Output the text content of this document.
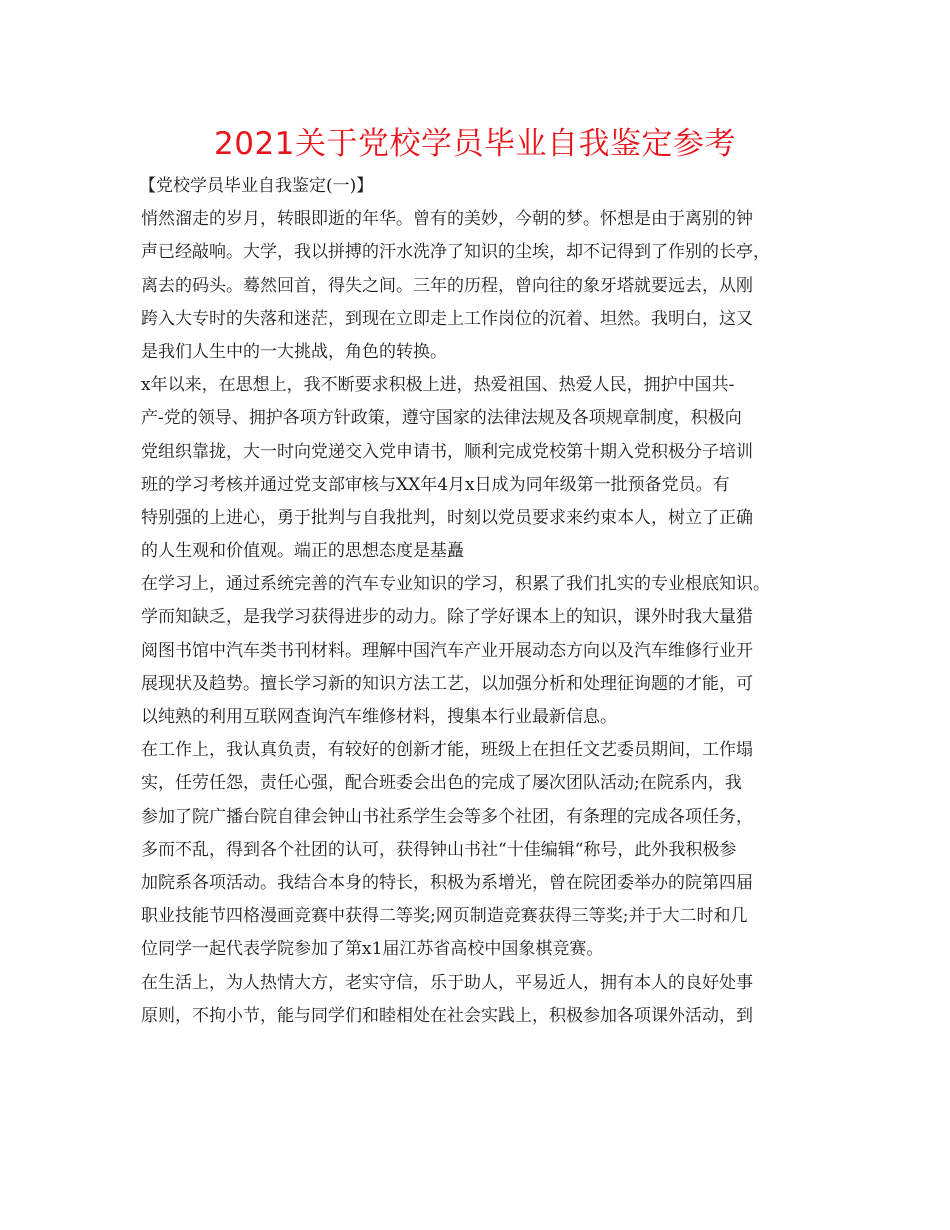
2021关于党校学员毕业自我鉴定参考
【党校学员毕业自我鉴定(一)】
悄然溜走的岁月，转眼即逝的年华。曾有的美妙，今朝的梦。怀想是由于离别的钟
声已经敲响。大学，我以拼搏的汗水洗净了知识的尘埃，却不记得到了作别的长亭，
离去的码头。蓦然回首，得失之间。三年的历程，曾向往的象牙塔就要远去，从刚
跨入大专时的失落和迷茫，到现在立即走上工作岗位的沉着、坦然。我明白，这又
是我们人生中的一大挑战，角色的转换。
x年以来，在思想上，我不断要求积极上进，热爱祖国、热爱人民，拥护中国共-
产-党的领导、拥护各项方针政策，遵守国家的法律法规及各项规章制度，积极向
党组织靠拢，大一时向党递交入党申请书，顺利完成党校第十期入党积极分子培训
班的学习考核并通过党支部审核与XX年4月x日成为同年级第一批预备党员。有
特别强的上进心，勇于批判与自我批判，时刻以党员要求来约束本人，树立了正确
的人生观和价值观。端正的思想态度是基矗
在学习上，通过系统完善的汽车专业知识的学习，积累了我们扎实的专业根底知识。
学而知缺乏，是我学习获得进步的动力。除了学好课本上的知识，课外时我大量猎
阅图书馆中汽车类书刊材料。理解中国汽车产业开展动态方向以及汽车维修行业开
展现状及趋势。擅长学习新的知识方法工艺，以加强分析和处理征询题的才能，可
以纯熟的利用互联网查询汽车维修材料，搜集本行业最新信息。
在工作上，我认真负责，有较好的创新才能，班级上在担任文艺委员期间，工作塌
实，任劳任怨，责任心强，配合班委会出色的完成了屡次团队活动;在院系内，我
参加了院广播台院自律会钟山书社系学生会等多个社团，有条理的完成各项任务，
多而不乱，得到各个社团的认可，获得钟山书社“十佳编辑“称号，此外我积极参
加院系各项活动。我结合本身的特长，积极为系增光，曾在院团委举办的院第四届
职业技能节四格漫画竞赛中获得二等奖;网页制造竞赛获得三等奖;并于大二时和几
位同学一起代表学院参加了第x1届江苏省高校中国象棋竞赛。
在生活上，为人热情大方，老实守信，乐于助人，平易近人，拥有本人的良好处事
原则，不拘小节，能与同学们和睦相处在社会实践上，积极参加各项课外活动，到
